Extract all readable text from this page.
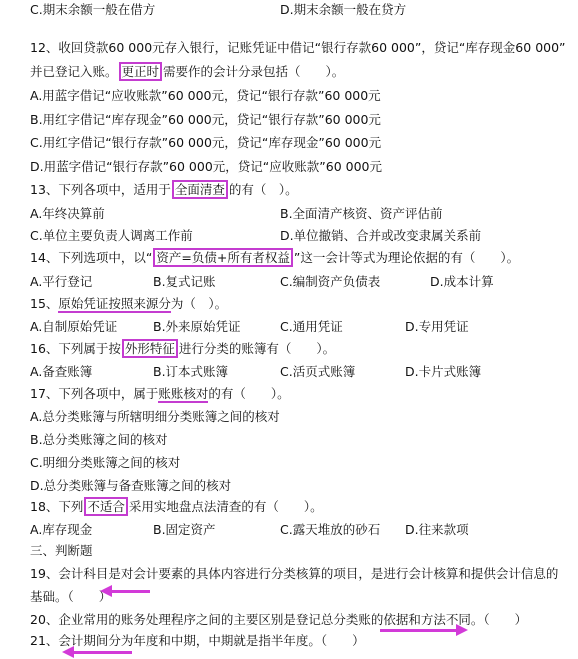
C.期末余额一般在借方	D.期末余额一般在贷方
12、收回贷款60 000元存入银行，记账凭证中借记“银行存款60 000”，贷记“库存现金60 000”
并已登记入账。 更正时 需要作的会计分录包括（　　）。
A.用蓝字借记“应收账款”60 000元，贷记“银行存款”60 000元
B.用红字借记“库存现金”60 000元，贷记“银行存款”60 000元
C.用红字借记“银行存款”60 000元，贷记“库存现金”60 000元
D.用蓝字借记“银行存款”60 000元，贷记“应收账款”60 000元
13、下列各项中，适用于 全面清查 的有（　）。
A.年终决算前	B.全面清产核资、资产评估前
C.单位主要负责人调离工作前	D.单位撤销、合并或改变隶属关系前
14、下列选项中，以“ 资产=负债+所有者权益 ”这一会计等式为理论依据的有（　　）。
A.平行登记	B.复式记账	C.编制资产负债表	D.成本计算
15、原始凭证按照来源分为（　）。
A.自制原始凭证	B.外来原始凭证	C.通用凭证	D.专用凭证
16、下列属于按 外形特征 进行分类的账簿有（　　）。
A.备查账簿	B.订本式账簿	C.活页式账簿	D.卡片式账簿
17、下列各项中，属于账账核对的有（　　）。
A.总分类账簿与所辖明细分类账簿之间的核对
B.总分类账簿之间的核对
C.明细分类账簿之间的核对
D.总分类账簿与备查账簿之间的核对
18、下列 不适合 采用实地盘点法清查的有（　　）。
A.库存现金	B.固定资产	C.露天堆放的砂石 D.往来款项
三、判断题
19、会计科目是对会计要素的具体内容进行分类核算的项目，是进行会计核算和提供会计信息的
基础。（　　）
20、企业常用的账务处理程序之间的主要区别是登记总分类账的依据和方法不同。（　　）
21、会计期间分为年度和中期，中期就是指半年度。（　　）
